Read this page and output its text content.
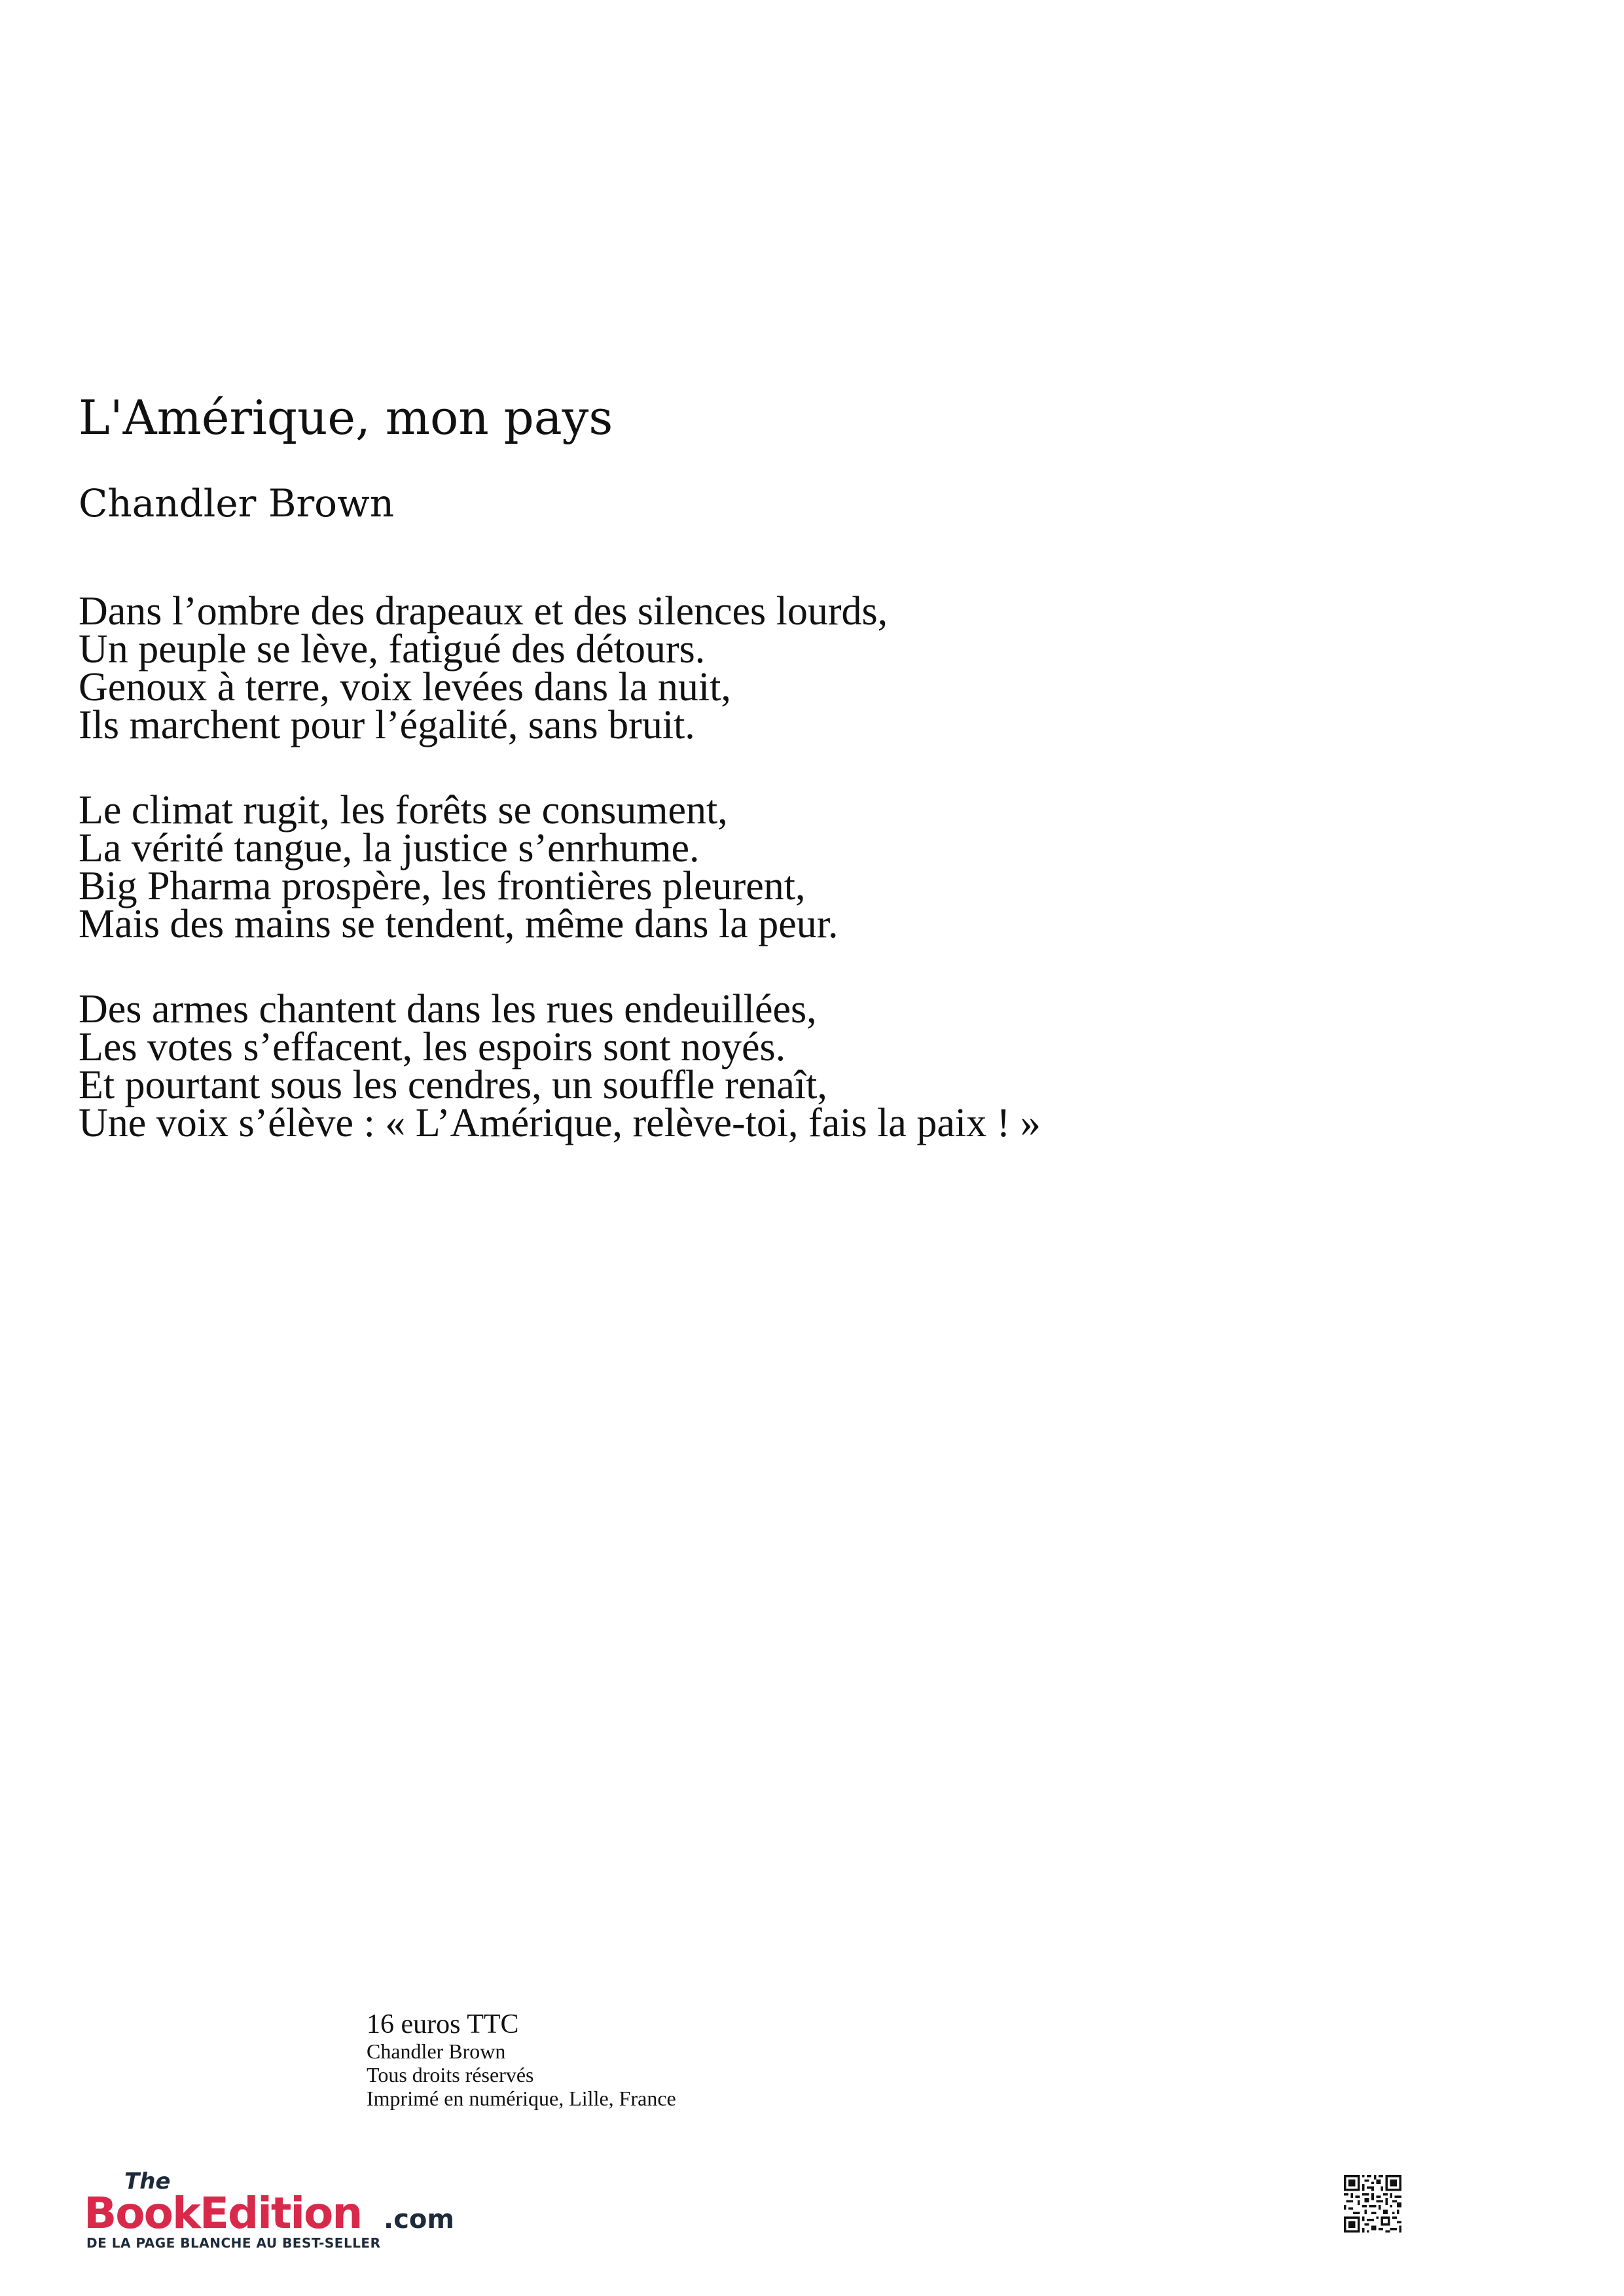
L'Amérique, mon pays
Chandler Brown

Dans l’ombre des drapeaux et des silences lourds,
Un peuple se lève, fatigué des détours.
Genoux à terre, voix levées dans la nuit,
Ils marchent pour l’égalité, sans bruit.

Le climat rugit, les forêts se consument,
La vérité tangue, la justice s’enrhume.
Big Pharma prospère, les frontières pleurent,
Mais des mains se tendent, même dans la peur.

Des armes chantent dans les rues endeuillées,
Les votes s’effacent, les espoirs sont noyés.
Et pourtant sous les cendres, un souffle renaît,
Une voix s’élève : « L’Amérique, relève-toi, fais la paix ! »

16 euros TTC
Chandler Brown
Tous droits réservés
Imprimé en numérique, Lille, France
The
BookEdition .com
DE LA PAGE BLANCHE AU BEST-SELLER
